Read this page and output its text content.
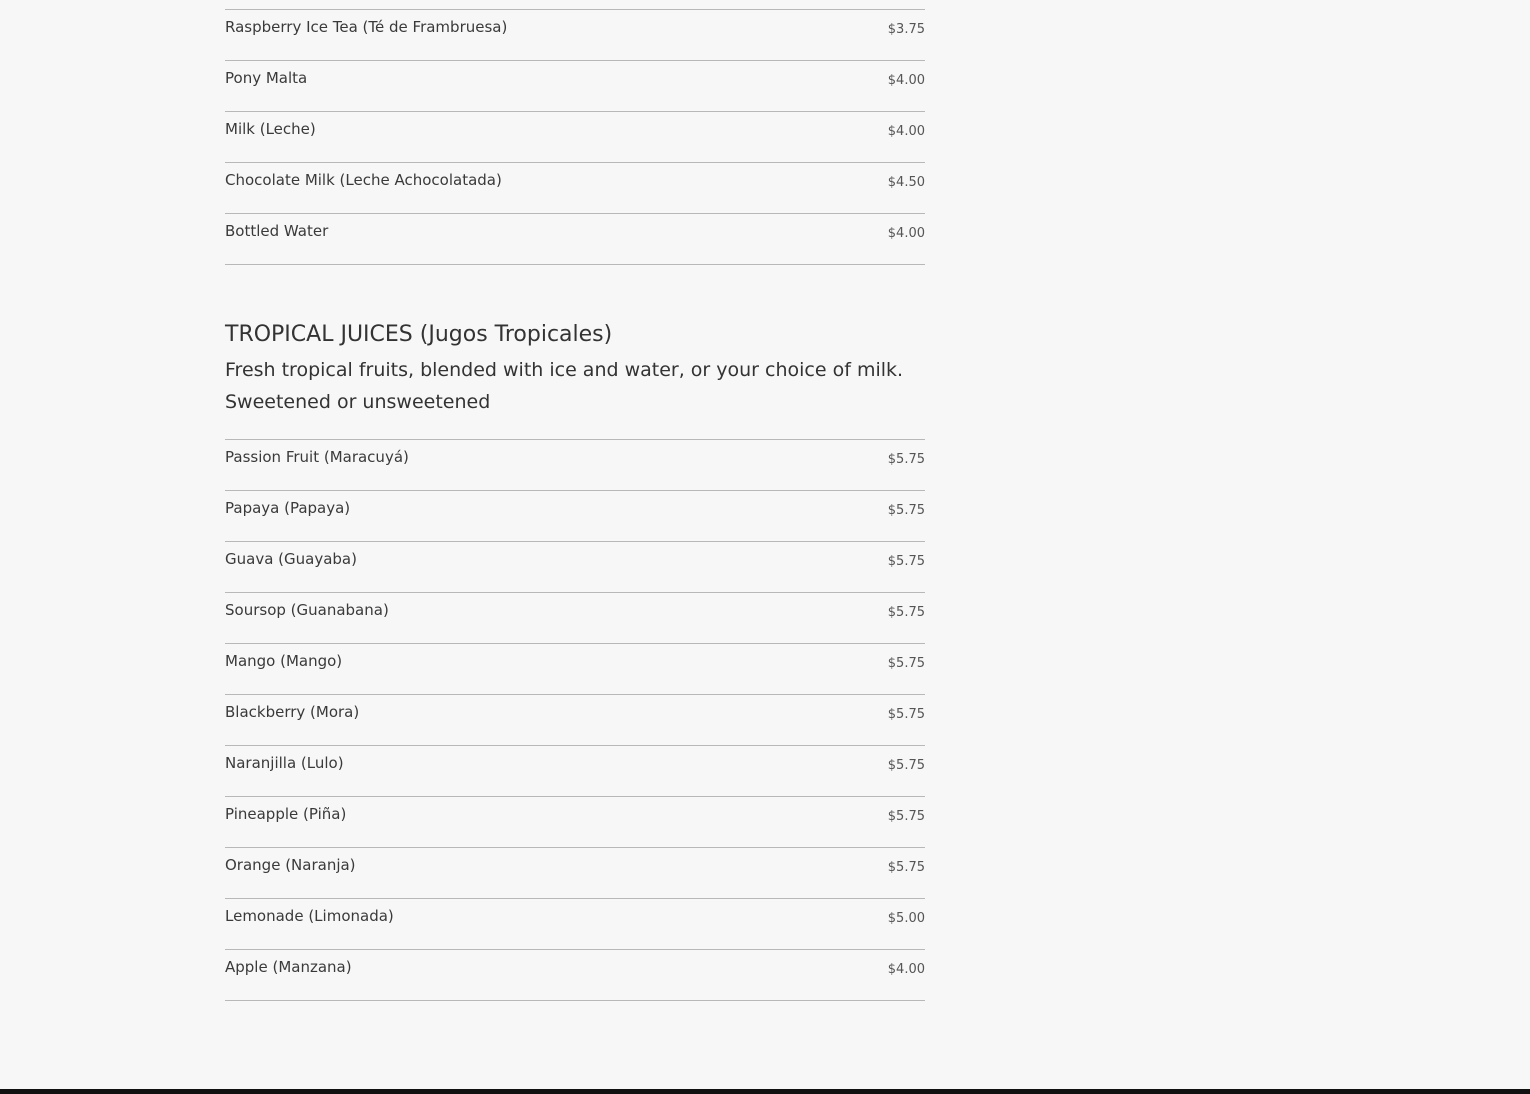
Raspberry Ice Tea (Té de Frambruesa)	$3.75
Pony Malta	$4.00
Milk (Leche)	$4.00
Chocolate Milk (Leche Achocolatada)	$4.50
Bottled Water	$4.00
TROPICAL JUICES (Jugos Tropicales)

Fresh tropical fruits, blended with ice and water, or your choice of milk. Sweetened or unsweetened

Passion Fruit (Maracuyá)	$5.75
Papaya (Papaya)	$5.75
Guava (Guayaba)	$5.75
Soursop (Guanabana)	$5.75
Mango (Mango)	$5.75
Blackberry (Mora)	$5.75
Naranjilla (Lulo)	$5.75
Pineapple (Piña)	$5.75
Orange (Naranja)	$5.75
Lemonade (Limonada)	$5.00
Apple (Manzana)	$4.00
